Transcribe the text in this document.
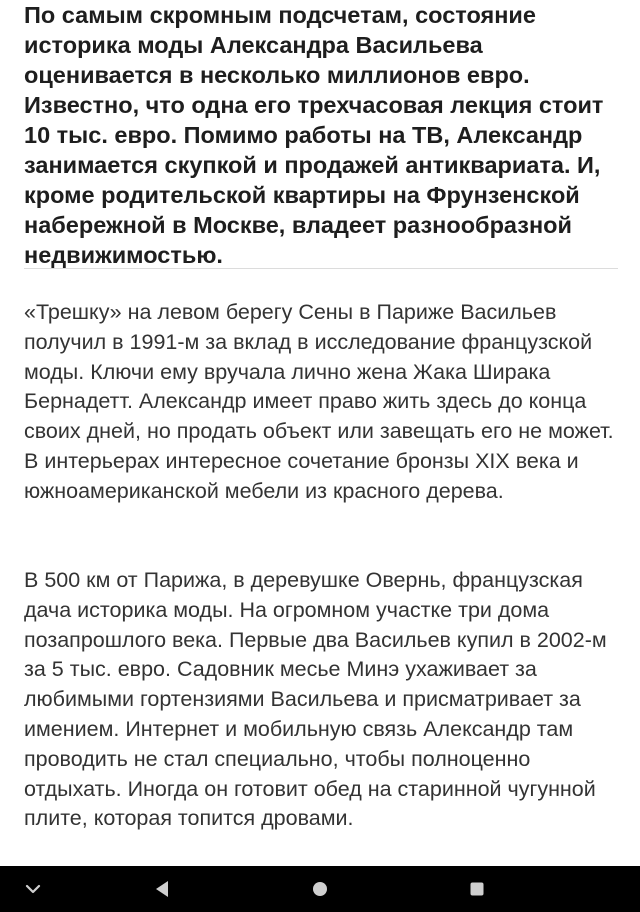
По самым скромным подсчетам, состояние историка моды Александра Васильева оценивается в несколько миллионов евро. Известно, что одна его трехчасовая лекция стоит 10 тыс. евро. Помимо работы на ТВ, Александр занимается скупкой и продажей антиквариата. И, кроме родительской квартиры на Фрунзенской набережной в Москве, владеет разнообразной недвижимостью.

«Трешку» на левом берегу Сены в Париже Васильев получил в 1991-м за вклад в исследование французской моды. Ключи ему вручала лично жена Жака Ширака Бернадетт. Александр имеет право жить здесь до конца своих дней, но продать объект или завещать его не может. В интерьерах интересное сочетание бронзы XIX века и южноамериканской мебели из красного дерева.

В 500 км от Парижа, в деревушке Овернь, французская дача историка моды. На огромном участке три дома позапрошлого века. Первые два Васильев купил в 2002-м за 5 тыс. евро. Садовник месье Минэ ухаживает за любимыми гортензиями Васильева и присматривает за имением. Интернет и мобильную связь Александр там проводить не стал специально, чтобы полноценно отдыхать. Иногда он готовит обед на старинной чугунной плите, которая топится дровами.
